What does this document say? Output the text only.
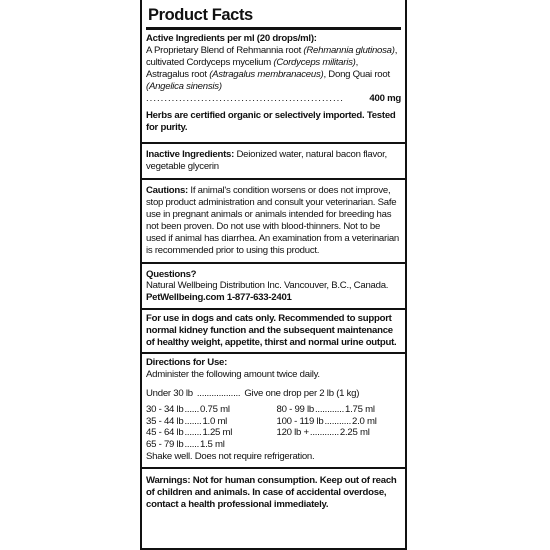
Product Facts
Active Ingredients per ml (20 drops/ml):
A Proprietary Blend of Rehmannia root (Rehmannia glutinosa), cultivated Cordyceps mycelium (Cordyceps militaris), Astragalus root (Astragalus membranaceus), Dong Quai root (Angelica sinensis)
......................................................	400 mg
Herbs are certified organic or selectively imported. Tested for purity.
Inactive Ingredients: Deionized water, natural bacon flavor, vegetable glycerin
Cautions: If animal's condition worsens or does not improve, stop product administration and consult your veterinarian. Safe use in pregnant animals or animals intended for breeding has not been proven. Do not use with blood-thinners. Not to be used if animal has diarrhea. An examination from a veterinarian is recommended prior to using this product.
Questions?
Natural Wellbeing Distribution Inc. Vancouver, B.C., Canada.
PetWellbeing.com 1-877-633-2401
For use in dogs and cats only. Recommended to support normal kidney function and the subsequent maintenance of healthy weight, appetite, thirst and normal urine output.
Directions for Use:
Administer the following amount twice daily.
Under 30 lb .................. Give one drop per 2 lb (1 kg)
30 - 34 lb ...... 0.75 ml	80 - 99 lb ............ 1.75 ml
35 - 44 lb ....... 1.0 ml	100 - 119 lb ........... 2.0 ml
45 - 64 lb ....... 1.25 ml	120 lb + ............ 2.25 ml
65 - 79 lb ...... 1.5 ml
Shake well. Does not require refrigeration.
Warnings: Not for human consumption. Keep out of reach of children and animals. In case of accidental overdose, contact a health professional immediately.
